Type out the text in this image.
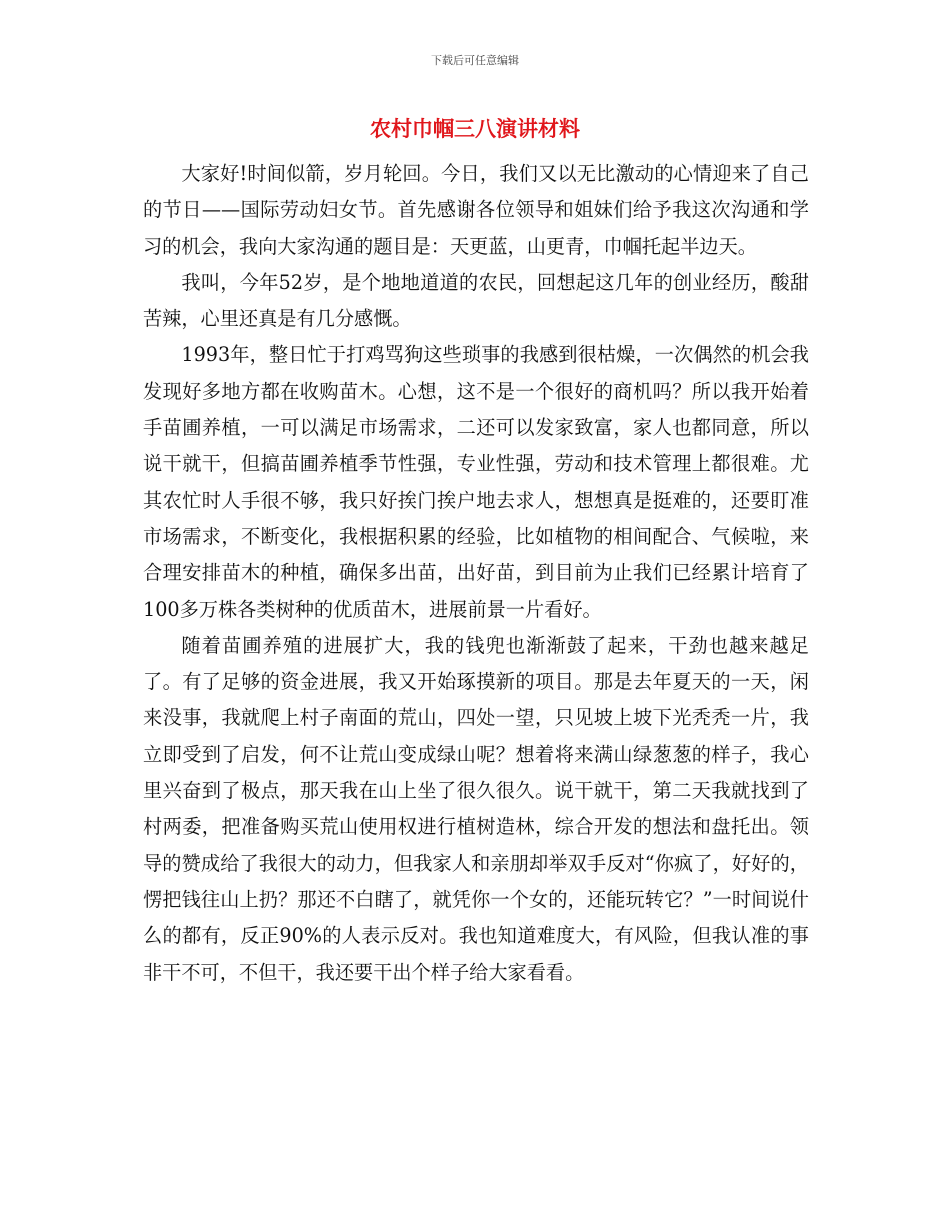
下载后可任意编辑
农村巾帼三八演讲材料

大家好!时间似箭，岁月轮回。今日，我们又以无比激动的心情迎来了自己的节日——国际劳动妇女节。首先感谢各位领导和姐妹们给予我这次沟通和学习的机会，我向大家沟通的题目是：天更蓝，山更青，巾帼托起半边天。

我叫，今年52岁，是个地地道道的农民，回想起这几年的创业经历，酸甜苦辣，心里还真是有几分感慨。

1993年，整日忙于打鸡骂狗这些琐事的我感到很枯燥，一次偶然的机会我发现好多地方都在收购苗木。心想，这不是一个很好的商机吗？所以我开始着手苗圃养植，一可以满足市场需求，二还可以发家致富，家人也都同意，所以说干就干，但搞苗圃养植季节性强，专业性强，劳动和技术管理上都很难。尤其农忙时人手很不够，我只好挨门挨户地去求人，想想真是挺难的，还要盯准市场需求，不断变化，我根据积累的经验，比如植物的相间配合、气候啦，来合理安排苗木的种植，确保多出苗，出好苗，到目前为止我们已经累计培育了100多万株各类树种的优质苗木，进展前景一片看好。

随着苗圃养殖的进展扩大，我的钱兜也渐渐鼓了起来，干劲也越来越足了。有了足够的资金进展，我又开始琢摸新的项目。那是去年夏天的一天，闲来没事，我就爬上村子南面的荒山，四处一望，只见坡上坡下光秃秃一片，我立即受到了启发，何不让荒山变成绿山呢？想着将来满山绿葱葱的样子，我心里兴奋到了极点，那天我在山上坐了很久很久。说干就干，第二天我就找到了村两委，把准备购买荒山使用权进行植树造林，综合开发的想法和盘托出。领导的赞成给了我很大的动力，但我家人和亲朋却举双手反对“你疯了，好好的，愣把钱往山上扔？那还不白瞎了，就凭你一个女的，还能玩转它？”一时间说什么的都有，反正90%的人表示反对。我也知道难度大，有风险，但我认准的事非干不可，不但干，我还要干出个样子给大家看看。
